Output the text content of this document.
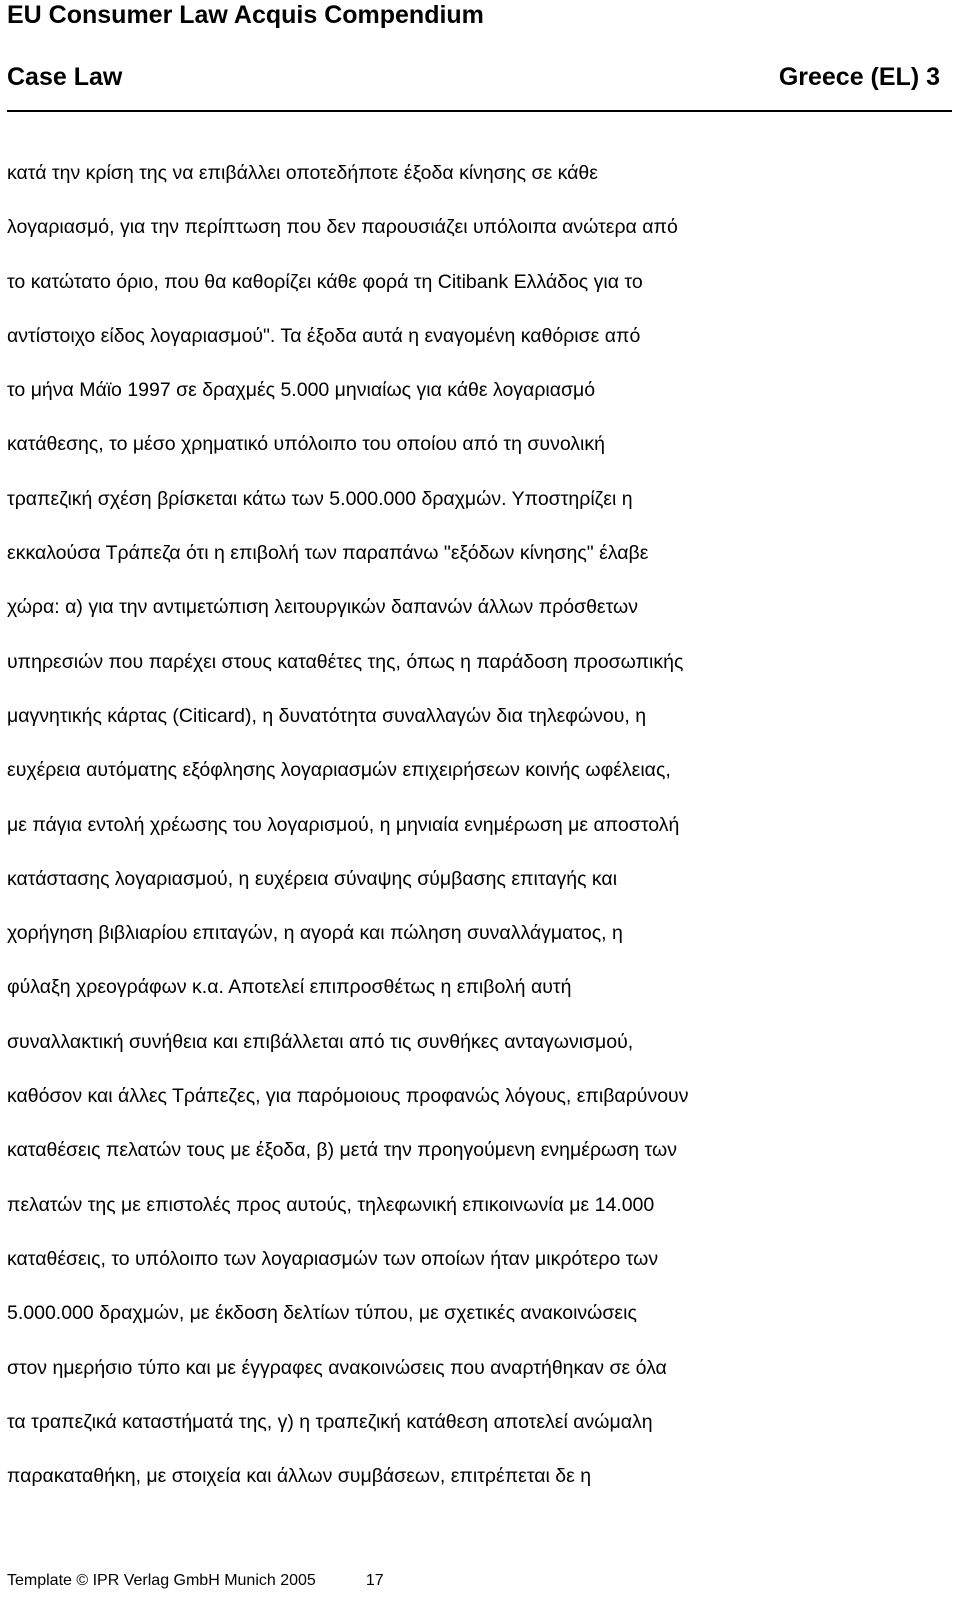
EU Consumer Law Acquis Compendium
Case Law	Greece (EL) 3
κατά την κρίση της να επιβάλλει οποτεδήποτε έξοδα κίνησης σε κάθε
λογαριασμό, για την περίπτωση που δεν παρουσιάζει υπόλοιπα ανώτερα από
το κατώτατο όριο, που θα καθορίζει κάθε φορά τη Citibank Ελλάδος για το
αντίστοιχο είδος λογαριασμού". Τα έξοδα αυτά η εναγομένη καθόρισε από
το μήνα Μάϊο 1997 σε δραχμές 5.000 μηνιαίως για κάθε λογαριασμό
κατάθεσης, το μέσο χρηματικό υπόλοιπο του οποίου από τη συνολική
τραπεζική σχέση βρίσκεται κάτω των 5.000.000 δραχμών. Υποστηρίζει η
εκκαλούσα Τράπεζα ότι η επιβολή των παραπάνω "εξόδων κίνησης" έλαβε
χώρα: α) για την αντιμετώπιση λειτουργικών δαπανών άλλων πρόσθετων
υπηρεσιών που παρέχει στους καταθέτες της, όπως η παράδοση προσωπικής
μαγνητικής κάρτας (Citicard), η δυνατότητα συναλλαγών δια τηλεφώνου, η
ευχέρεια αυτόματης εξόφλησης λογαριασμών επιχειρήσεων κοινής ωφέλειας,
με πάγια εντολή χρέωσης του λογαρισμού, η μηνιαία ενημέρωση με αποστολή
κατάστασης λογαριασμού, η ευχέρεια σύναψης σύμβασης επιταγής και
χορήγηση βιβλιαρίου επιταγών, η αγορά και πώληση συναλλάγματος, η
φύλαξη χρεογράφων κ.α. Αποτελεί επιπροσθέτως η επιβολή αυτή
συναλλακτική συνήθεια και επιβάλλεται από τις συνθήκες ανταγωνισμού,
καθόσον και άλλες Τράπεζες, για παρόμοιους προφανώς λόγους, επιβαρύνουν
καταθέσεις πελατών τους με έξοδα, β) μετά την προηγούμενη ενημέρωση των
πελατών της με επιστολές προς αυτούς, τηλεφωνική επικοινωνία με 14.000
καταθέσεις, το υπόλοιπο των λογαριασμών των οποίων ήταν μικρότερο των
5.000.000 δραχμών, με έκδοση δελτίων τύπου, με σχετικές ανακοινώσεις
στον ημερήσιο τύπο και με έγγραφες ανακοινώσεις που αναρτήθηκαν σε όλα
τα τραπεζικά καταστήματά της, γ) η τραπεζική κατάθεση αποτελεί ανώμαλη
παρακαταθήκη, με στοιχεία και άλλων συμβάσεων, επιτρέπεται δε η
Template © IPR Verlag GmbH Munich 2005	17
